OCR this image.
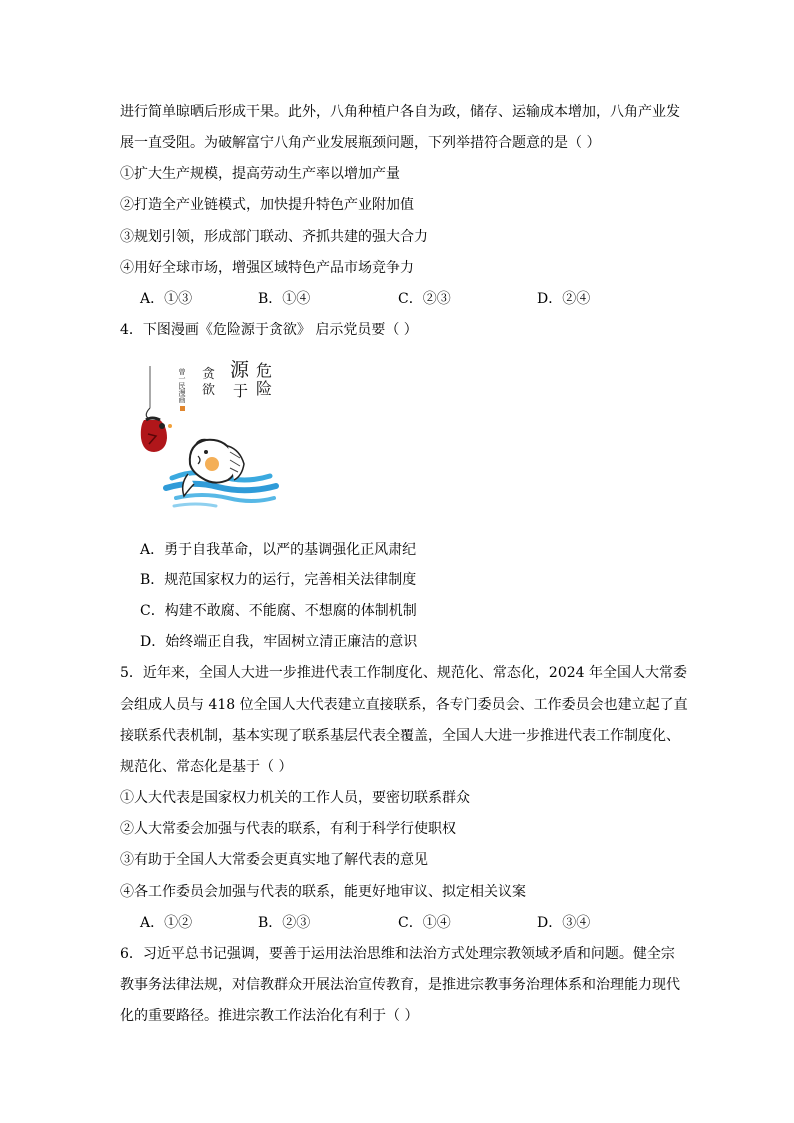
进行简单晾晒后形成干果。此外，八角种植户各自为政，储存、运输成本增加，八角产业发
展一直受阻。为破解富宁八角产业发展瓶颈问题，下列举措符合题意的是（ ）
①扩大生产规模，提高劳动生产率以增加产量
②打造全产业链模式，加快提升特色产业附加值
③规划引领，形成部门联动、齐抓共建的强大合力
④用好全球市场，增强区域特色产品市场竞争力
A．①③	B．①④	C．②③	D．②④
4．下图漫画《危险源于贪欲》 启示党员要（ ）
危
险
源
于
贪
欲
曾一民漫画
A．勇于自我革命，以严的基调强化正风肃纪
B．规范国家权力的运行，完善相关法律制度
C．构建不敢腐、不能腐、不想腐的体制机制
D．始终端正自我，牢固树立清正廉洁的意识
5．近年来，全国人大进一步推进代表工作制度化、规范化、常态化，2024 年全国人大常委
会组成人员与 418 位全国人大代表建立直接联系，各专门委员会、工作委员会也建立起了直
接联系代表机制，基本实现了联系基层代表全覆盖，全国人大进一步推进代表工作制度化、
规范化、常态化是基于（ ）
①人大代表是国家权力机关的工作人员，要密切联系群众
②人大常委会加强与代表的联系，有利于科学行使职权
③有助于全国人大常委会更真实地了解代表的意见
④各工作委员会加强与代表的联系，能更好地审议、拟定相关议案
A．①②	B．②③	C．①④	D．③④
6．习近平总书记强调，要善于运用法治思维和法治方式处理宗教领域矛盾和问题。健全宗
教事务法律法规，对信教群众开展法治宣传教育，是推进宗教事务治理体系和治理能力现代
化的重要路径。推进宗教工作法治化有利于（ ）
